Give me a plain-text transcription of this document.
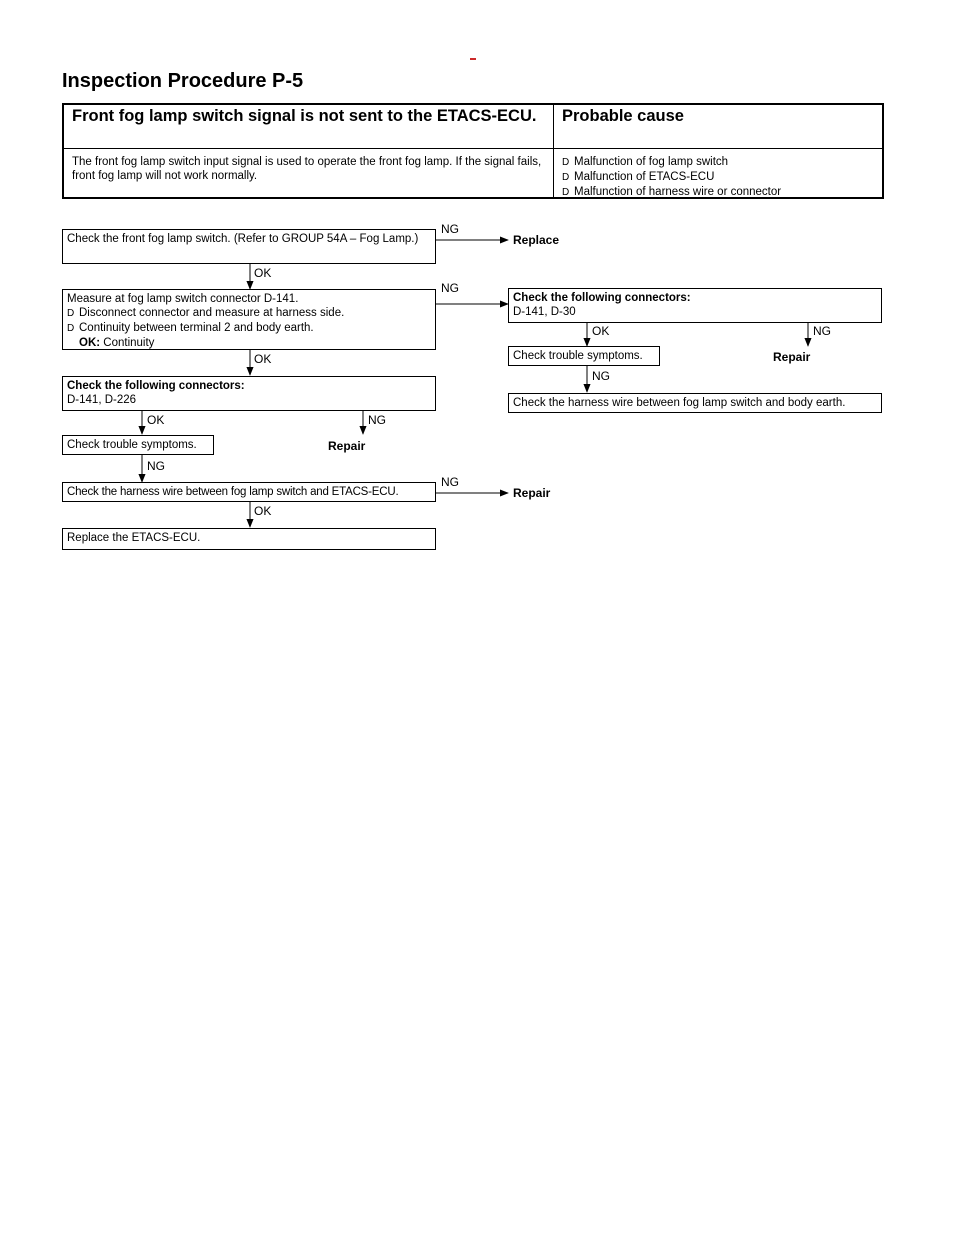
Inspection Procedure P-5
Front fog lamp switch signal is not sent to the ETACS-ECU.	Probable cause
The front fog lamp switch input signal is used to operate the front fog lamp. If the signal fails, front fog lamp will not work normally.
D Malfunction of fog lamp switch
D Malfunction of ETACS-ECU
D Malfunction of harness wire or connector
Check the front fog lamp switch. (Refer to GROUP 54A – Fog Lamp.)
NG
Replace
OK
Measure at fog lamp switch connector D-141.
D Disconnect connector and measure at harness side.
D Continuity between terminal 2 and body earth.
OK: Continuity
NG
OK
Check the following connectors:
D-141, D-30
OK	NG
Repair
Check trouble symptoms.
NG
Check the harness wire between fog lamp switch and body earth.
Check the following connectors:
D-141, D-226
OK	NG
Repair
Check trouble symptoms.
NG
Check the harness wire between fog lamp switch and ETACS-ECU.
NG
Repair
OK
Replace the ETACS-ECU.
